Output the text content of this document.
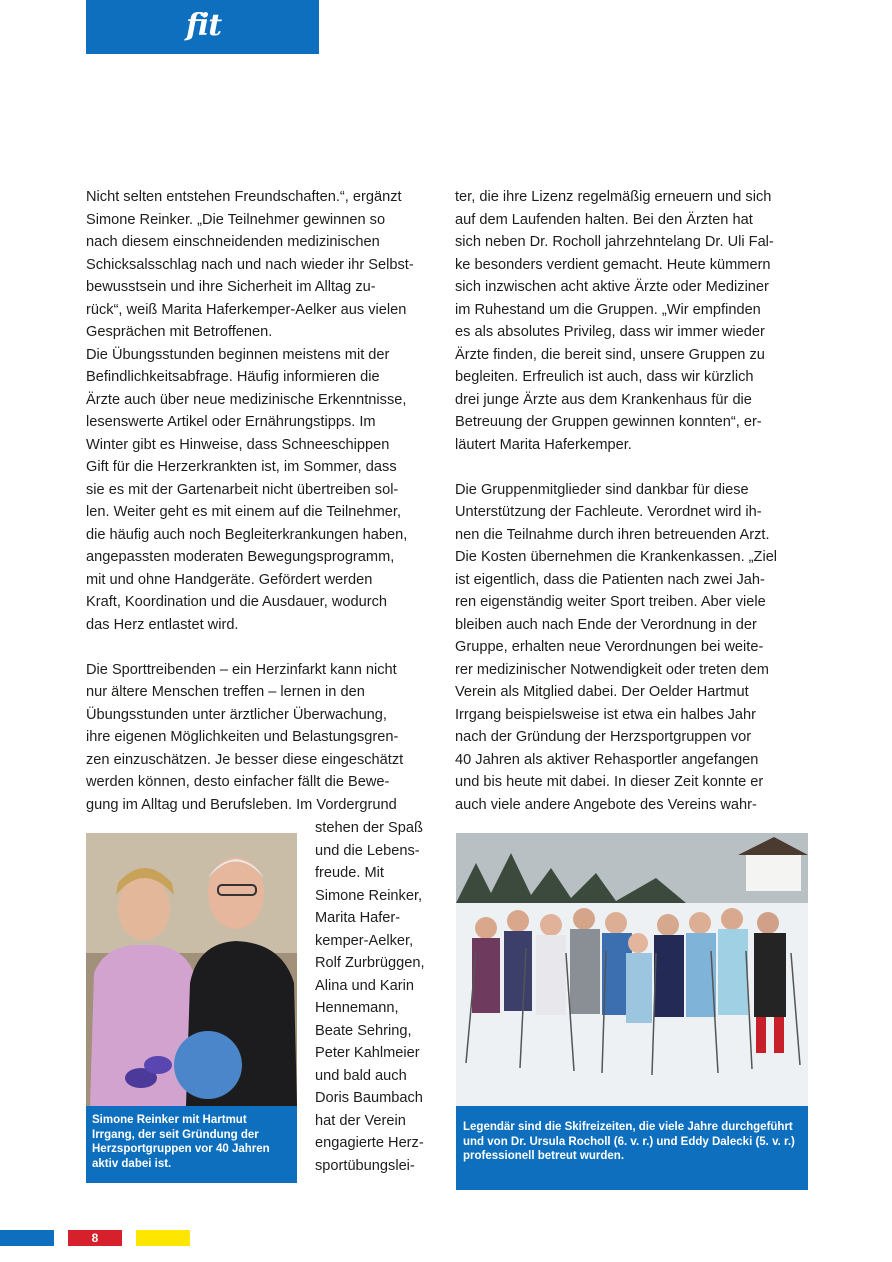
fit

Nicht selten entstehen Freundschaften.“, ergänzt
Simone Reinker. „Die Teilnehmer gewinnen so
nach diesem einschneidenden medizinischen
Schicksalsschlag nach und nach wieder ihr Selbst-
bewusstsein und ihre Sicherheit im Alltag zu-
rück“, weiß Marita Haferkemper-Aelker aus vielen
Gesprächen mit Betroffenen.
Die Übungsstunden beginnen meistens mit der
Befindlichkeitsabfrage. Häufig informieren die
Ärzte auch über neue medizinische Erkenntnisse,
lesenswerte Artikel oder Ernährungstipps. Im
Winter gibt es Hinweise, dass Schneeschippen
Gift für die Herzerkrankten ist, im Sommer, dass
sie es mit der Gartenarbeit nicht übertreiben sol-
len. Weiter geht es mit einem auf die Teilnehmer,
die häufig auch noch Begleiterkrankungen haben,
angepassten moderaten Bewegungsprogramm,
mit und ohne Handgeräte. Gefördert werden
Kraft, Koordination und die Ausdauer, wodurch
das Herz entlastet wird.

Die Sporttreibenden – ein Herzinfarkt kann nicht
nur ältere Menschen treffen – lernen in den
Übungsstunden unter ärztlicher Überwachung,
ihre eigenen Möglichkeiten und Belastungsgren-
zen einzuschätzen. Je besser diese eingeschätzt
werden können, desto einfacher fällt die Bewe-
gung im Alltag und Berufsleben. Im Vordergrund

stehen der Spaß
und die Lebens-
freude. Mit
Simone Reinker,
Marita Hafer-
kemper-Aelker,
Rolf Zurbrüggen,
Alina und Karin
Hennemann,
Beate Sehring,
Peter Kahlmeier
und bald auch
Doris Baumbach
hat der Verein
engagierte Herz-
sportübungslei-

ter, die ihre Lizenz regelmäßig erneuern und sich
auf dem Laufenden halten. Bei den Ärzten hat
sich neben Dr. Rocholl jahrzehntelang Dr. Uli Fal-
ke besonders verdient gemacht. Heute kümmern
sich inzwischen acht aktive Ärzte oder Mediziner
im Ruhestand um die Gruppen. „Wir empfinden
es als absolutes Privileg, dass wir immer wieder
Ärzte finden, die bereit sind, unsere Gruppen zu
begleiten. Erfreulich ist auch, dass wir kürzlich
drei junge Ärzte aus dem Krankenhaus für die
Betreuung der Gruppen gewinnen konnten“, er-
läutert Marita Haferkemper.

Die Gruppenmitglieder sind dankbar für diese
Unterstützung der Fachleute. Verordnet wird ih-
nen die Teilnahme durch ihren betreuenden Arzt.
Die Kosten übernehmen die Krankenkassen. „Ziel
ist eigentlich, dass die Patienten nach zwei Jah-
ren eigenständig weiter Sport treiben. Aber viele
bleiben auch nach Ende der Verordnung in der
Gruppe, erhalten neue Verordnungen bei weite-
rer medizinischer Notwendigkeit oder treten dem
Verein als Mitglied dabei. Der Oelder Hartmut
Irrgang beispielsweise ist etwa ein halbes Jahr
nach der Gründung der Herzsportgruppen vor
40 Jahren als aktiver Rehasportler angefangen
und bis heute mit dabei. In dieser Zeit konnte er
auch viele andere Angebote des Vereins wahr-

Simone Reinker mit Hartmut
Irrgang, der seit Gründung der
Herzsportgruppen vor 40 Jahren
aktiv dabei ist.
Legendär sind die Skifreizeiten, die viele Jahre durchgeführt
und von Dr. Ursula Rocholl (6. v. r.) und Eddy Dalecki (5. v. r.)
professionell betreut wurden.
8
